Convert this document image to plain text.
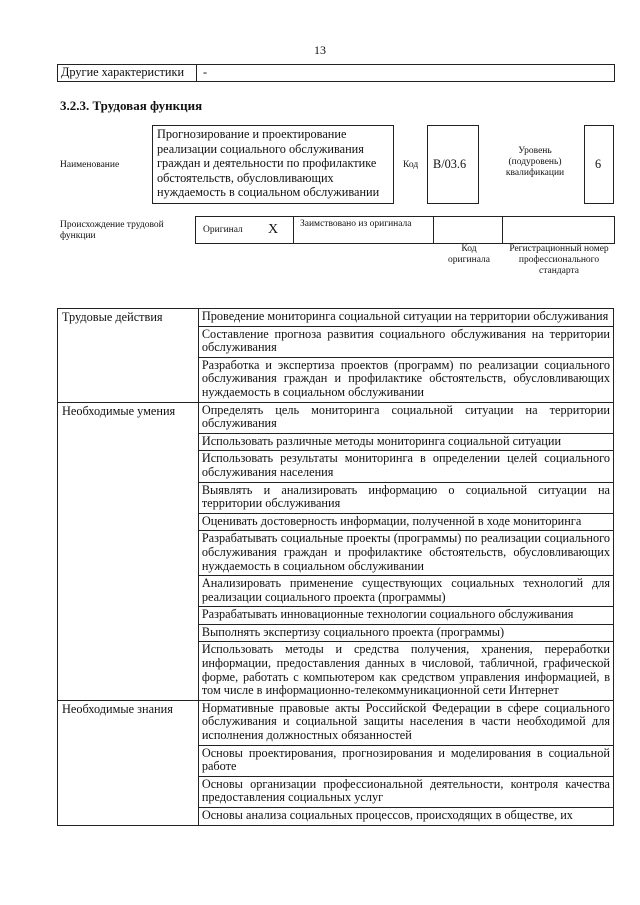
13
Другие характеристики -
3.2.3. Трудовая функция
Наименование
Прогнозирование и проектирование реализации социального обслуживания граждан и деятельности по профилактике обстоятельств, обусловливающих нуждаемость в социальном обслуживании
Код	B/03.6
Уровень (подуровень) квалификации
6
Происхождение трудовой функции
Оригинал X Заимствовано из оригинала
Код оригинала
Регистрационный номер профессионального стандарта
Трудовые действия	Проведение мониторинга социальной ситуации на территории обслуживания
	Составление прогноза развития социального обслуживания на территории обслуживания
	Разработка и экспертиза проектов (программ) по реализации социального обслуживания граждан и профилактике обстоятельств, обусловливающих нуждаемость в социальном обслуживании
Необходимые умения	Определять цель мониторинга социальной ситуации на территории обслуживания
	Использовать различные методы мониторинга социальной ситуации
	Использовать результаты мониторинга в определении целей социального обслуживания населения
	Выявлять и анализировать информацию о социальной ситуации на территории обслуживания
	Оценивать достоверность информации, полученной в ходе мониторинга
	Разрабатывать социальные проекты (программы) по реализации социального обслуживания граждан и профилактике обстоятельств, обусловливающих нуждаемость в социальном обслуживании
	Анализировать применение существующих социальных технологий для реализации социального проекта (программы)
	Разрабатывать инновационные технологии социального обслуживания
	Выполнять экспертизу социального проекта (программы)
	Использовать методы и средства получения, хранения, переработки информации, предоставления данных в числовой, табличной, графической форме, работать с компьютером как средством управления информацией, в том числе в информационно-телекоммуникационной сети Интернет
Необходимые знания	Нормативные правовые акты Российской Федерации в сфере социального обслуживания и социальной защиты населения в части необходимой для исполнения должностных обязанностей
	Основы проектирования, прогнозирования и моделирования в социальной работе
	Основы организации профессиональной деятельности, контроля качества предоставления социальных услуг
	Основы анализа социальных процессов, происходящих в обществе, их
